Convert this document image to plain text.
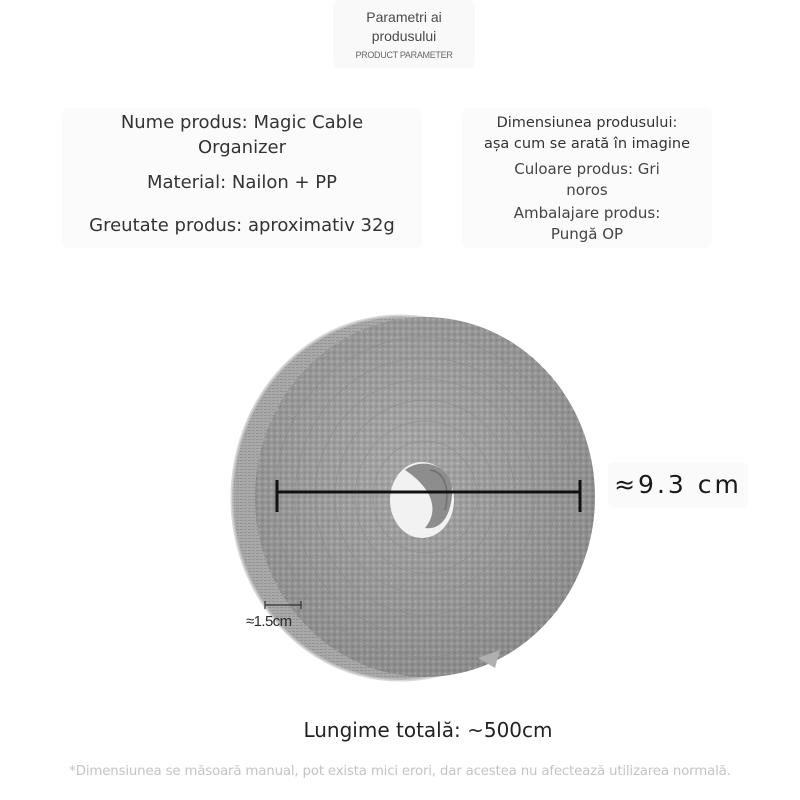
Parametri ai
produsului
PRODUCT PARAMETER
Nume produs: Magic Cable
Organizer
Material: Nailon + PP
Greutate produs: aproximativ 32g
Dimensiunea produsului:
așa cum se arată în imagine
Culoare produs: Gri
noros
Ambalajare produs:
Pungă OP
≈9.3 cm
≈1.5cm
Lungime totală: ~500cm
*Dimensiunea se măsoară manual, pot exista mici erori, dar acestea nu afectează utilizarea normală.
